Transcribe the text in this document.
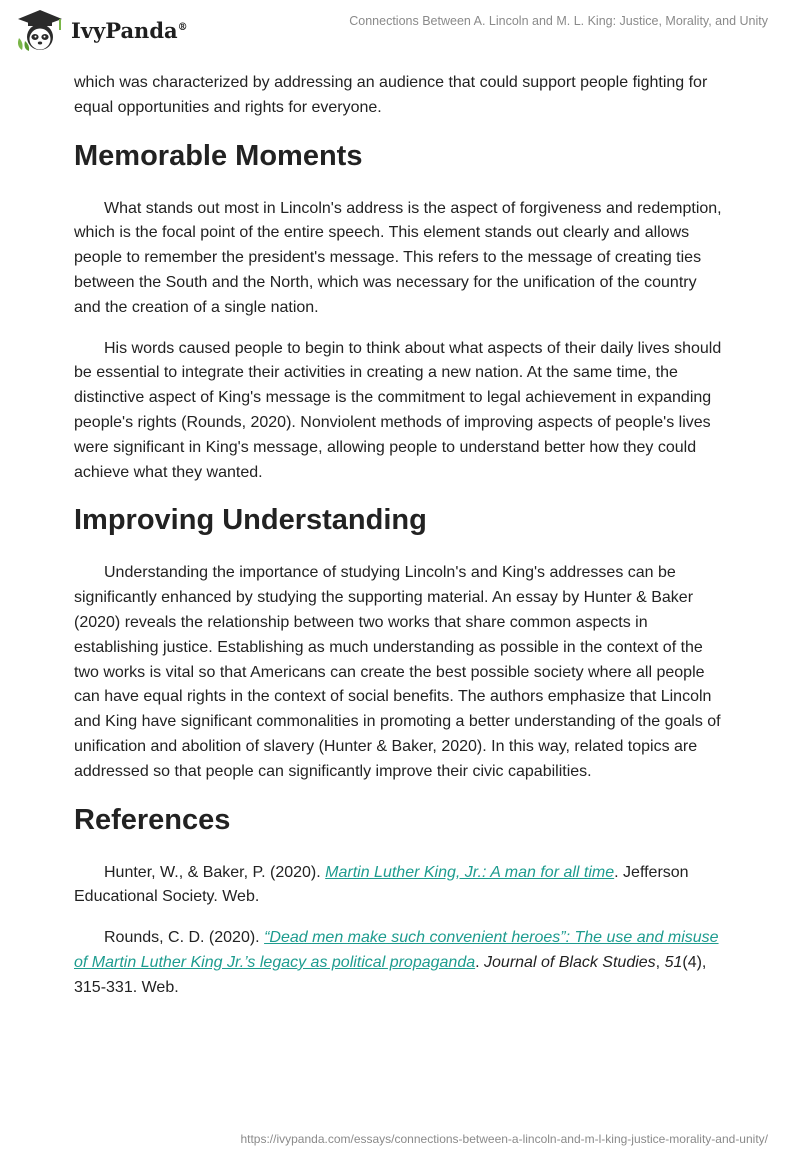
IvyPanda®	Connections Between A. Lincoln and M. L. King: Justice, Morality, and Unity

which was characterized by addressing an audience that could support people fighting for equal opportunities and rights for everyone.

Memorable Moments

What stands out most in Lincoln's address is the aspect of forgiveness and redemption, which is the focal point of the entire speech. This element stands out clearly and allows people to remember the president's message. This refers to the message of creating ties between the South and the North, which was necessary for the unification of the country and the creation of a single nation.

His words caused people to begin to think about what aspects of their daily lives should be essential to integrate their activities in creating a new nation. At the same time, the distinctive aspect of King's message is the commitment to legal achievement in expanding people's rights (Rounds, 2020). Nonviolent methods of improving aspects of people's lives were significant in King's message, allowing people to understand better how they could achieve what they wanted.

Improving Understanding

Understanding the importance of studying Lincoln's and King's addresses can be significantly enhanced by studying the supporting material. An essay by Hunter & Baker (2020) reveals the relationship between two works that share common aspects in establishing justice. Establishing as much understanding as possible in the context of the two works is vital so that Americans can create the best possible society where all people can have equal rights in the context of social benefits. The authors emphasize that Lincoln and King have significant commonalities in promoting a better understanding of the goals of unification and abolition of slavery (Hunter & Baker, 2020). In this way, related topics are addressed so that people can significantly improve their civic capabilities.

References

Hunter, W., & Baker, P. (2020). Martin Luther King, Jr.: A man for all time. Jefferson Educational Society. Web.

Rounds, C. D. (2020). “Dead men make such convenient heroes”: The use and misuse of Martin Luther King Jr.’s legacy as political propaganda. Journal of Black Studies, 51(4), 315-331. Web.

https://ivypanda.com/essays/connections-between-a-lincoln-and-m-l-king-justice-morality-and-unity/
